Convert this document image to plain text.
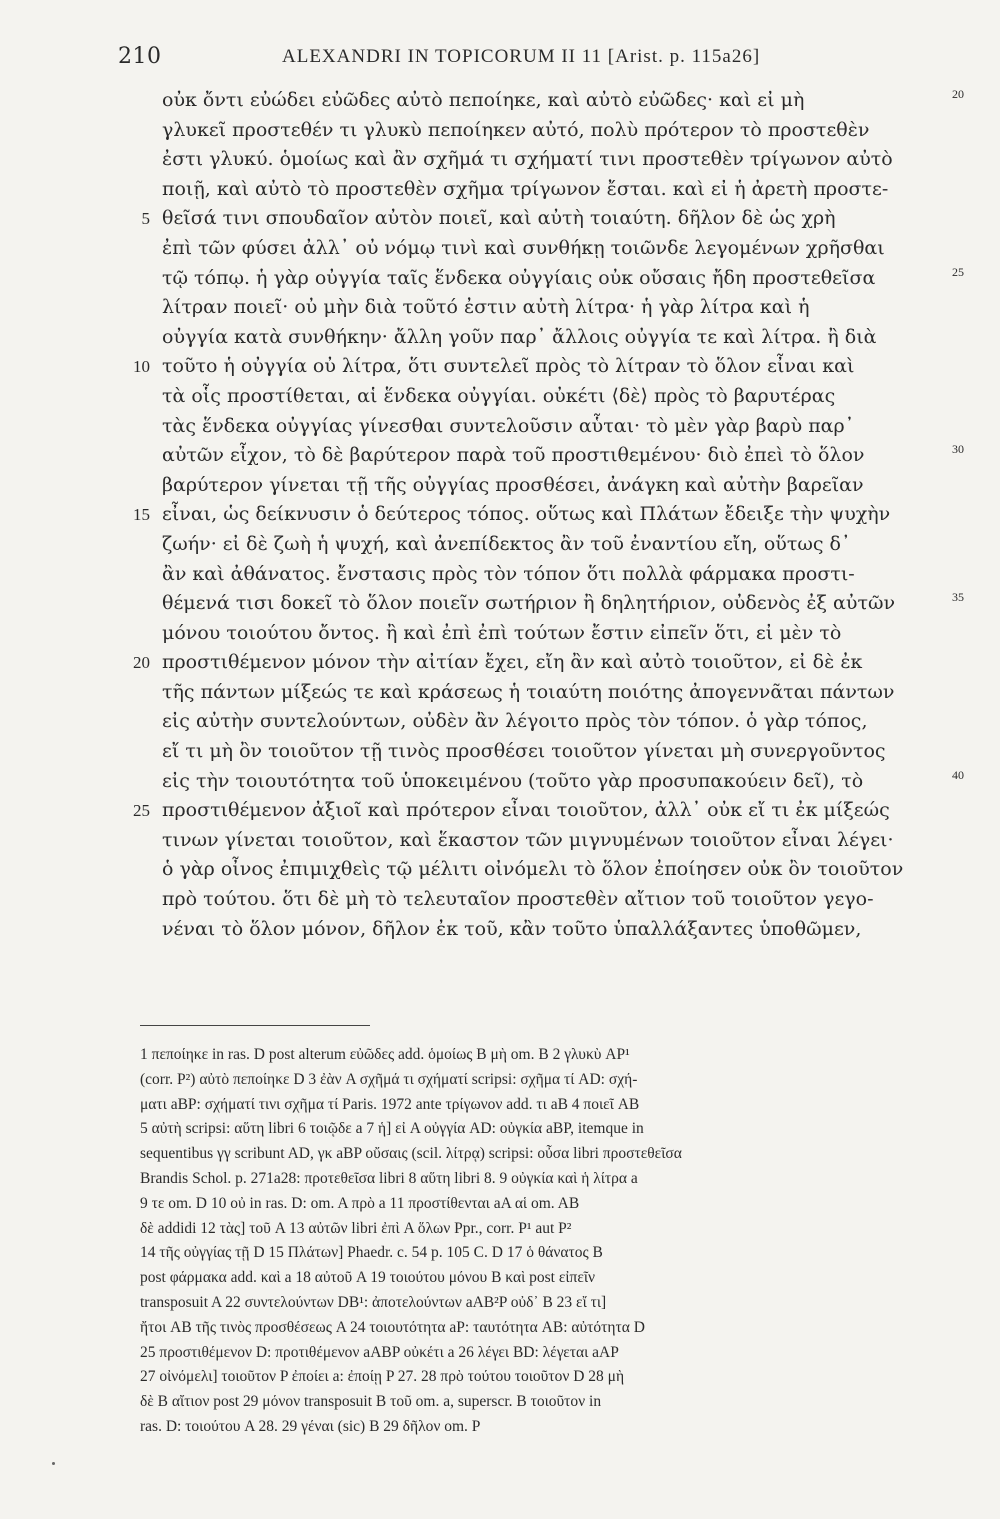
210	ALEXANDRI IN TOPICORUM II 11 [Arist. p. 115a26]
οὐκ ὄντι εὐώδει εὐῶδες αὐτὸ πεποίηκε, καὶ αὐτὸ εὐῶδες· καὶ εἰ μὴ	20
γλυκεῖ προστεθέν τι γλυκὺ πεποίηκεν αὐτό, πολὺ πρότερον τὸ προστεθὲν
ἐστι γλυκύ. ὁμοίως καὶ ἂν σχῆμά τι σχήματί τινι προστεθὲν τρίγωνον αὐτὸ
ποιῇ, καὶ αὐτὸ τὸ προστεθὲν σχῆμα τρίγωνον ἔσται. καὶ εἰ ἡ ἀρετὴ προστε-
5 θεῖσά τινι σπουδαῖον αὐτὸν ποιεῖ, καὶ αὐτὴ τοιαύτη. δῆλον δὲ ὡς χρὴ
ἐπὶ τῶν φύσει ἀλλ᾽ οὐ νόμῳ τινὶ καὶ συνθήκῃ τοιῶνδε λεγομένων χρῆσθαι
τῷ τόπῳ. ἡ γὰρ οὐγγία ταῖς ἕνδεκα οὐγγίαις οὐκ οὔσαις ἤδη προστεθεῖσα	25
λίτραν ποιεῖ· οὐ μὴν διὰ τοῦτό ἐστιν αὐτὴ λίτρα· ἡ γὰρ λίτρα καὶ ἡ
οὐγγία κατὰ συνθήκην· ἄλλη γοῦν παρ᾽ ἄλλοις οὐγγία τε καὶ λίτρα. ἢ διὰ
10 τοῦτο ἡ οὐγγία οὐ λίτρα, ὅτι συντελεῖ πρὸς τὸ λίτραν τὸ ὅλον εἶναι καὶ
τὰ οἷς προστίθεται, αἱ ἕνδεκα οὐγγίαι. οὐκέτι ⟨δὲ⟩ πρὸς τὸ βαρυτέρας
τὰς ἕνδεκα οὐγγίας γίνεσθαι συντελοῦσιν αὗται· τὸ μὲν γὰρ βαρὺ παρ᾽
αὐτῶν εἶχον, τὸ δὲ βαρύτερον παρὰ τοῦ προστιθεμένου· διὸ ἐπεὶ τὸ ὅλον	30
βαρύτερον γίνεται τῇ τῆς οὐγγίας προσθέσει, ἀνάγκη καὶ αὐτὴν βαρεῖαν
15 εἶναι, ὡς δείκνυσιν ὁ δεύτερος τόπος. οὕτως καὶ Πλάτων ἔδειξε τὴν ψυχὴν
ζωήν· εἰ δὲ ζωὴ ἡ ψυχή, καὶ ἀνεπίδεκτος ἂν τοῦ ἐναντίου εἴη, οὕτως δ᾽
ἂν καὶ ἀθάνατος. ἔνστασις πρὸς τὸν τόπον ὅτι πολλὰ φάρμακα προστι-
θέμενά τισι δοκεῖ τὸ ὅλον ποιεῖν σωτήριον ἢ δηλητήριον, οὐδενὸς ἐξ αὐτῶν	35
μόνου τοιούτου ὄντος. ἢ καὶ ἐπὶ ἐπὶ τούτων ἔστιν εἰπεῖν ὅτι, εἰ μὲν τὸ
20 προστιθέμενον μόνον τὴν αἰτίαν ἔχει, εἴη ἂν καὶ αὐτὸ τοιοῦτον, εἰ δὲ ἐκ
τῆς πάντων μίξεώς τε καὶ κράσεως ἡ τοιαύτη ποιότης ἀπογεννᾶται πάντων
εἰς αὐτὴν συντελούντων, οὐδὲν ἂν λέγοιτο πρὸς τὸν τόπον. ὁ γὰρ τόπος,
εἴ τι μὴ ὂν τοιοῦτον τῇ τινὸς προσθέσει τοιοῦτον γίνεται μὴ συνεργοῦντος
εἰς τὴν τοιουτότητα τοῦ ὑποκειμένου (τοῦτο γὰρ προσυπακούειν δεῖ), τὸ	40
25 προστιθέμενον ἀξιοῖ καὶ πρότερον εἶναι τοιοῦτον, ἀλλ᾽ οὐκ εἴ τι ἐκ μίξεώς
τινων γίνεται τοιοῦτον, καὶ ἕκαστον τῶν μιγνυμένων τοιοῦτον εἶναι λέγει·
ὁ γὰρ οἶνος ἐπιμιχθεὶς τῷ μέλιτι οἰνόμελι τὸ ὅλον ἐποίησεν οὐκ ὂν τοιοῦτον
πρὸ τούτου. ὅτι δὲ μὴ τὸ τελευταῖον προστεθὲν αἴτιον τοῦ τοιοῦτον γεγο-
νέναι τὸ ὅλον μόνον, δῆλον ἐκ τοῦ, κἂν τοῦτο ὑπαλλάξαντες ὑποθῶμεν,
1 πεποίηκε in ras. D post alterum εὐῶδες add. ὁμοίως B μὴ om. B 2 γλυκὺ AP¹
(corr. P²) αὐτὸ πεποίηκε D 3 ἐὰν A σχῆμά τι σχήματί scripsi: σχῆμα τί AD: σχή-
ματι aBP: σχήματί τινι σχῆμα τί Paris. 1972 ante τρίγωνον add. τι aB 4 ποιεῖ AB
5 αὐτὴ scripsi: αὕτη libri 6 τοιῷδε a 7 ἡ] εἰ A οὐγγία AD: οὐγκία aBP, itemque in
sequentibus γγ scribunt AD, γκ aBP οὔσαις (scil. λίτρᾳ) scripsi: οὖσα libri προστεθεῖσα
Brandis Schol. p. 271a28: προτεθεῖσα libri 8 αὕτη libri 8. 9 οὐγκία καὶ ἡ λίτρα a
9 τε om. D 10 οὐ in ras. D: om. A πρὸ a 11 προστίθενται aA αἱ om. AB
δὲ addidi 12 τὰς] τοῦ A 13 αὐτῶν libri ἐπὶ A ὅλων Ppr., corr. P¹ aut P²
14 τῆς οὐγγίας τῇ D 15 Πλάτων] Phaedr. c. 54 p. 105 C. D 17 ὁ θάνατος B
post φάρμακα add. καὶ a 18 αὐτοῦ A 19 τοιούτου μόνου B καὶ post εἰπεῖν
transposuit A 22 συντελούντων DB¹: ἀποτελούντων aAB²P οὐδ᾽ B 23 εἴ τι]
ἤτοι AB τῆς τινὸς προσθέσεως A 24 τοιουτότητα aP: ταυτότητα AB: αὐτότητα D
25 προστιθέμενον D: προτιθέμενον aABP οὐκέτι a 26 λέγει BD: λέγεται aAP
27 οἰνόμελι] τοιοῦτον P ἐποίει a: ἐποίῃ P 27. 28 πρὸ τούτου τοιοῦτον D 28 μὴ
δὲ B αἴτιον post 29 μόνον transposuit B τοῦ om. a, superscr. B τοιοῦτον in
ras. D: τοιούτου A 28. 29 γέναι (sic) B 29 δῆλον om. P
